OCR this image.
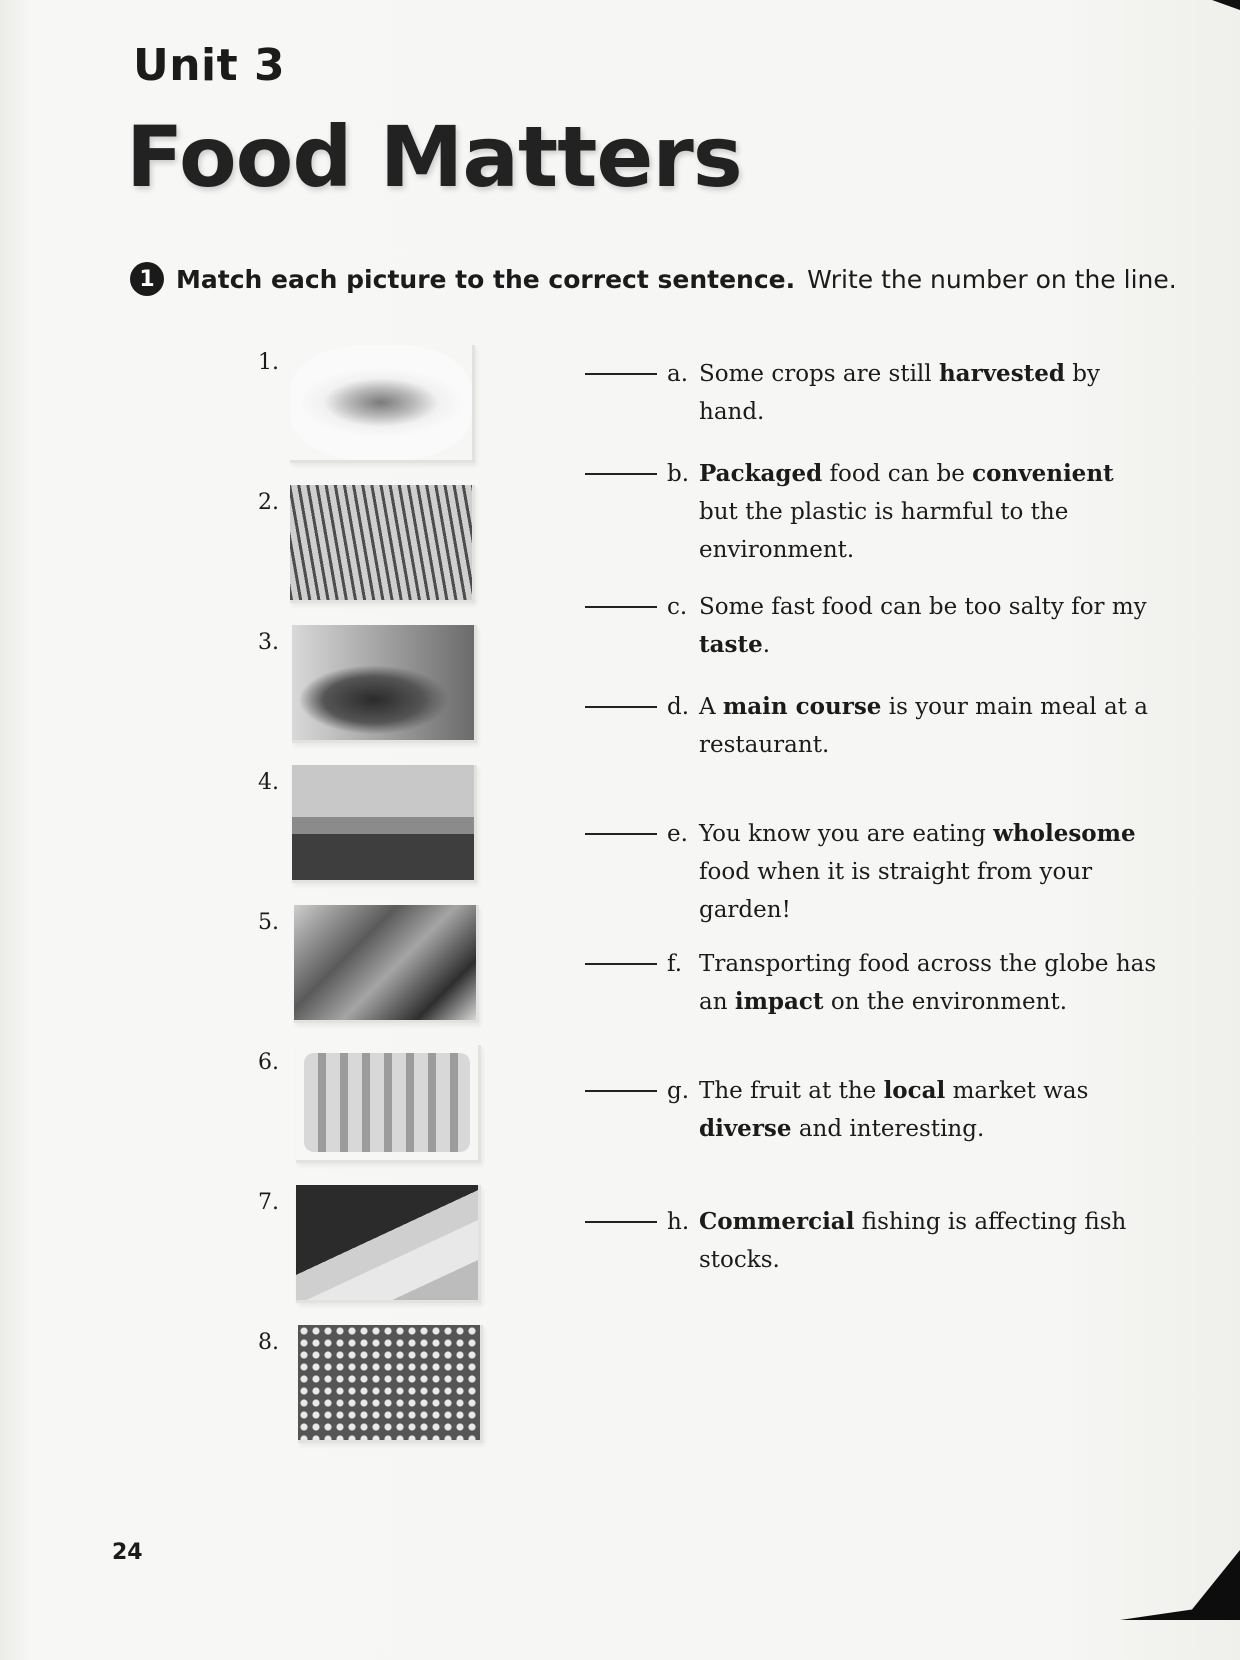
Unit 3
Food Matters
1 Match each picture to the correct sentence. Write the number on the line.
1.
2.
3.
4.
5.
6.
7.
8.
a. Some crops are still harvested by hand.
b. Packaged food can be convenient but the plastic is harmful to the environment.
c. Some fast food can be too salty for my taste.
d. A main course is your main meal at a restaurant.
e. You know you are eating wholesome food when it is straight from your garden!
f. Transporting food across the globe has an impact on the environment.
g. The fruit at the local market was diverse and interesting.
h. Commercial fishing is affecting fish stocks.
24
